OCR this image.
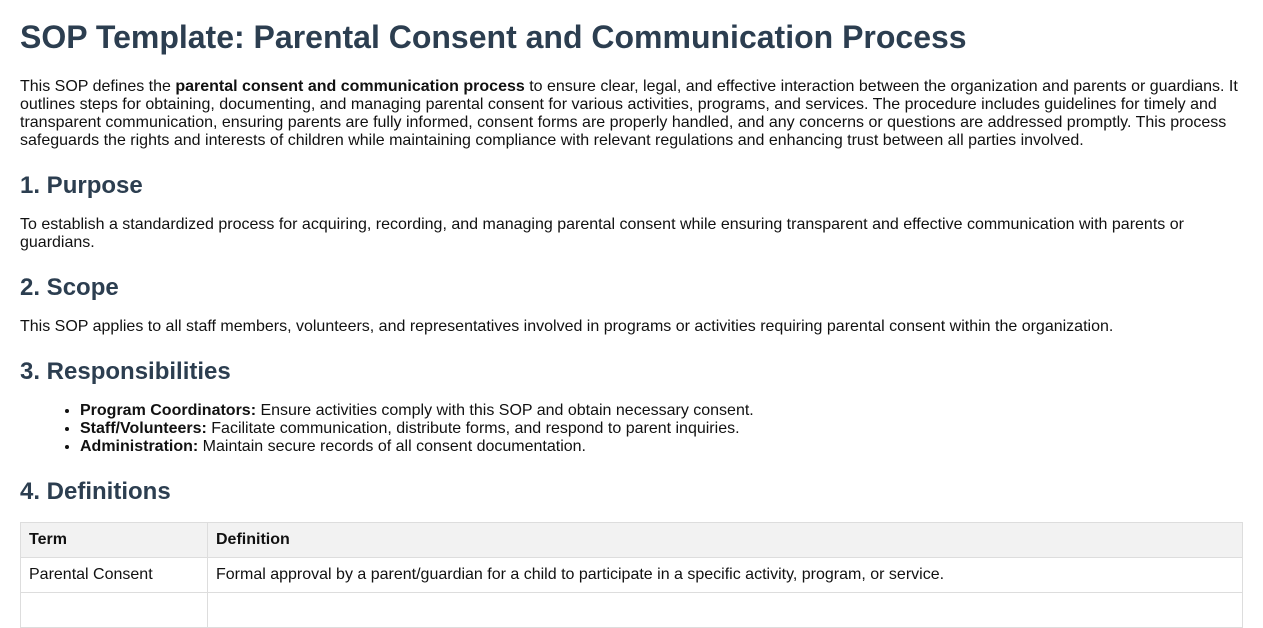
SOP Template: Parental Consent and Communication Process

This SOP defines the parental consent and communication process to ensure clear, legal, and effective interaction between the organization and parents or guardians. It outlines steps for obtaining, documenting, and managing parental consent for various activities, programs, and services. The procedure includes guidelines for timely and transparent communication, ensuring parents are fully informed, consent forms are properly handled, and any concerns or questions are addressed promptly. This process safeguards the rights and interests of children while maintaining compliance with relevant regulations and enhancing trust between all parties involved.

1. Purpose

To establish a standardized process for acquiring, recording, and managing parental consent while ensuring transparent and effective communication with parents or guardians.

2. Scope

This SOP applies to all staff members, volunteers, and representatives involved in programs or activities requiring parental consent within the organization.

3. Responsibilities
• Program Coordinators: Ensure activities comply with this SOP and obtain necessary consent.
• Staff/Volunteers: Facilitate communication, distribute forms, and respond to parent inquiries.
• Administration: Maintain secure records of all consent documentation.
4. Definitions
Term	Definition
Parental Consent	Formal approval by a parent/guardian for a child to participate in a specific activity, program, or service.
